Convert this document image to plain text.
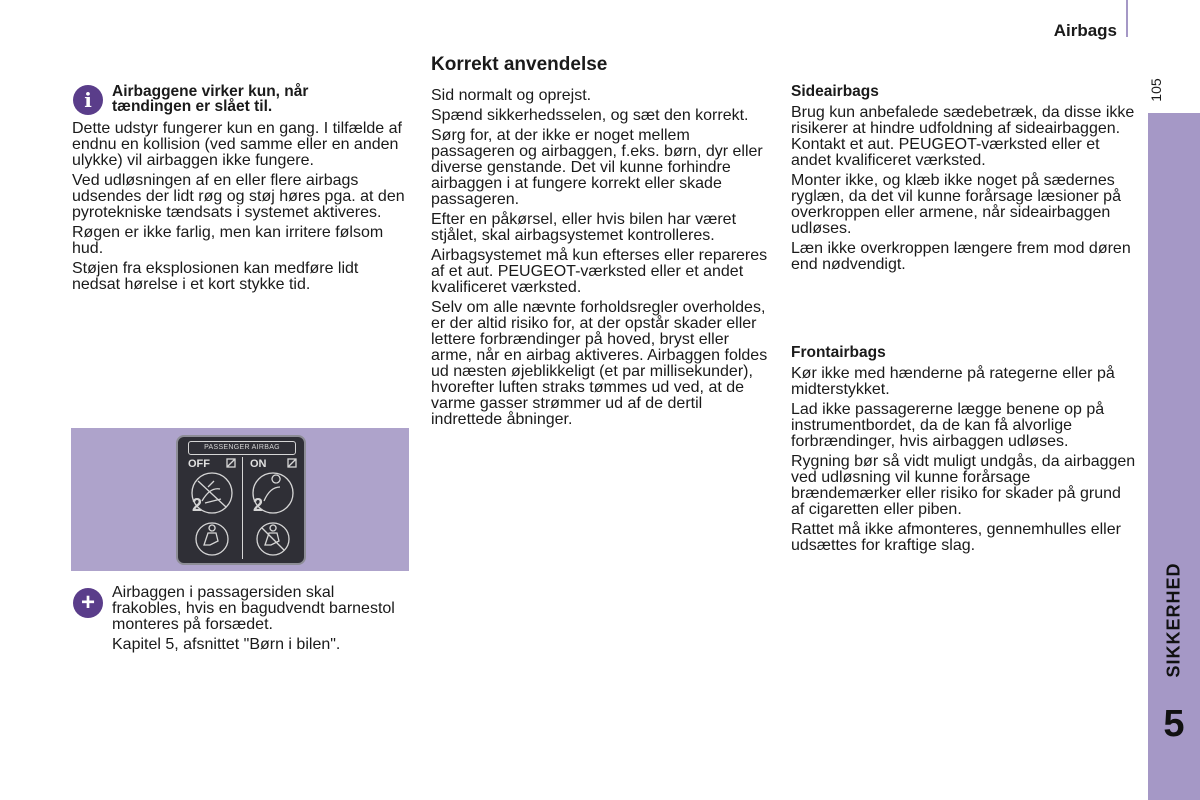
Airbags
105
SIKKERHED
5
i	Airbaggene virker kun, når tændingen er slået til.

Dette udstyr fungerer kun en gang. I tilfælde af endnu en kollision (ved samme eller en anden ulykke) vil airbaggen ikke fungere.

Ved udløsningen af en eller flere airbags udsendes der lidt røg og støj høres pga. at den pyrotekniske tændsats i systemet aktiveres.

Røgen er ikke farlig, men kan irritere følsom hud.

Støjen fra eksplosionen kan medføre lidt nedsat hørelse i et kort stykke tid.

PASSENGER AIRBAG
OFF	ON
2	2
+	Airbaggen i passagersiden skal frakobles, hvis en bagudvendt barnestol monteres på forsædet.

Kapitel 5, afsnittet "Børn i bilen".

Korrekt anvendelse

Sid normalt og oprejst.

Spænd sikkerhedsselen, og sæt den korrekt.

Sørg for, at der ikke er noget mellem passageren og airbaggen, f.eks. børn, dyr eller diverse genstande. Det vil kunne forhindre airbaggen i at fungere korrekt eller skade passageren.

Efter en påkørsel, eller hvis bilen har været stjålet, skal airbagsystemet kontrolleres.

Airbagsystemet må kun efterses eller repareres af et aut. PEUGEOT-værksted eller et andet kvalificeret værksted.

Selv om alle nævnte forholdsregler overholdes, er der altid risiko for, at der opstår skader eller lettere forbrændinger på hoved, bryst eller arme, når en airbag aktiveres. Airbaggen foldes ud næsten øjeblikkeligt (et par millisekunder), hvorefter luften straks tømmes ud ved, at de varme gasser strømmer ud af de dertil indrettede åbninger.

Sideairbags

Brug kun anbefalede sædebetræk, da disse ikke risikerer at hindre udfoldning af sideairbaggen. Kontakt et aut. PEUGEOT-værksted eller et andet kvalificeret værksted.

Monter ikke, og klæb ikke noget på sædernes ryglæn, da det vil kunne forårsage læsioner på overkroppen eller armene, når sideairbaggen udløses.

Læn ikke overkroppen længere frem mod døren end nødvendigt.

Frontairbags

Kør ikke med hænderne på rategerne eller på midterstykket.

Lad ikke passagererne lægge benene op på instrumentbordet, da de kan få alvorlige forbrændinger, hvis airbaggen udløses.

Rygning bør så vidt muligt undgås, da airbaggen ved udløsning vil kunne forårsage brændemærker eller risiko for skader på grund af cigaretten eller piben.

Rattet må ikke afmonteres, gennemhulles eller udsættes for kraftige slag.
